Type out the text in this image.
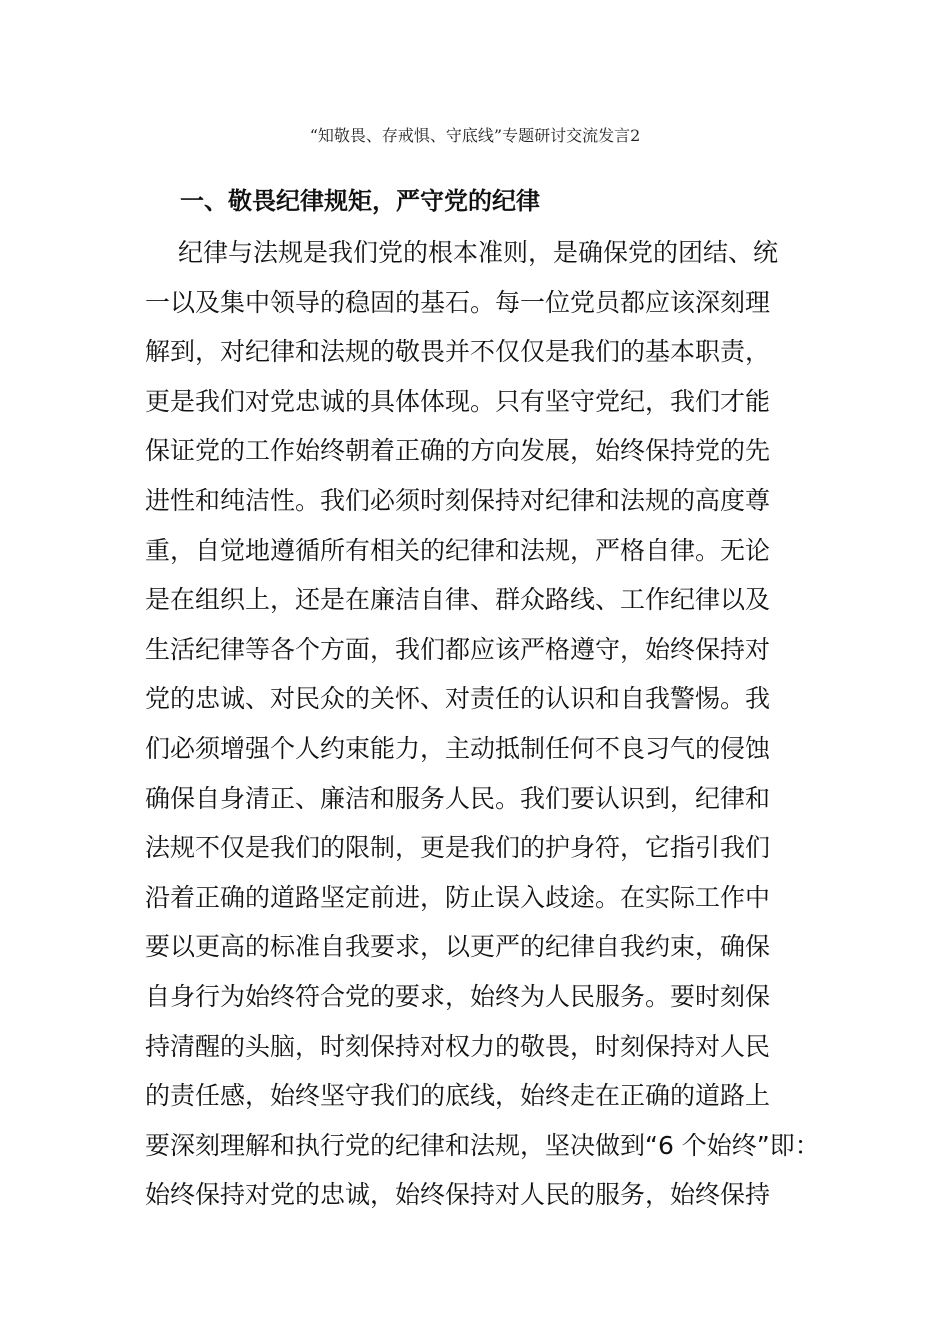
“知敬畏、存戒惧、守底线”专题研讨交流发言2
一、敬畏纪律规矩，严守党的纪律
纪律与法规是我们党的根本准则，是确保党的团结、统
一以及集中领导的稳固的基石。每一位党员都应该深刻理
解到，对纪律和法规的敬畏并不仅仅是我们的基本职责，
更是我们对党忠诚的具体体现。只有坚守党纪，我们才能
保证党的工作始终朝着正确的方向发展，始终保持党的先
进性和纯洁性。我们必须时刻保持对纪律和法规的高度尊
重，自觉地遵循所有相关的纪律和法规，严格自律。无论
是在组织上，还是在廉洁自律、群众路线、工作纪律以及
生活纪律等各个方面，我们都应该严格遵守，始终保持对
党的忠诚、对民众的关怀、对责任的认识和自我警惕。我
们必须增强个人约束能力，主动抵制任何不良习气的侵蚀
确保自身清正、廉洁和服务人民。我们要认识到，纪律和
法规不仅是我们的限制，更是我们的护身符，它指引我们
沿着正确的道路坚定前进，防止误入歧途。在实际工作中
要以更高的标准自我要求，以更严的纪律自我约束，确保
自身行为始终符合党的要求，始终为人民服务。要时刻保
持清醒的头脑，时刻保持对权力的敬畏，时刻保持对人民
的责任感，始终坚守我们的底线，始终走在正确的道路上
要深刻理解和执行党的纪律和法规，坚决做到“6 个始终”即：
始终保持对党的忠诚，始终保持对人民的服务，始终保持
